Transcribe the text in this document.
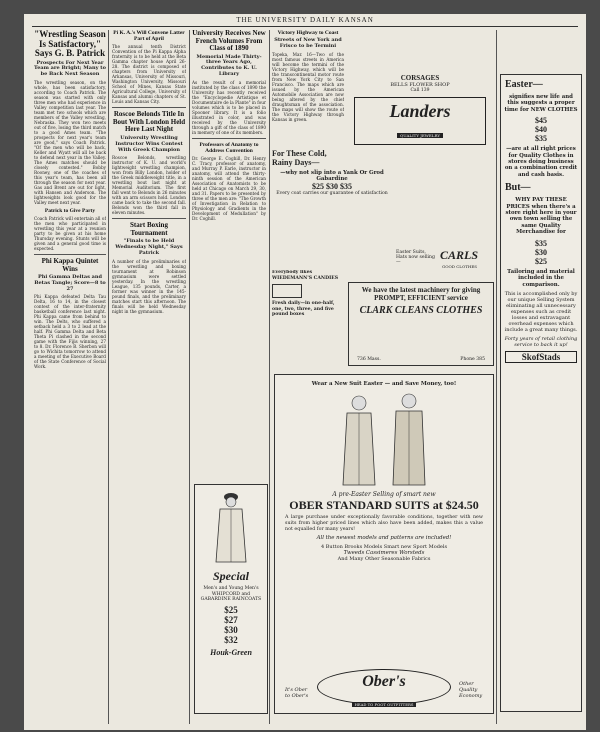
THE UNIVERSITY DAILY KANSAN
"Wrestling Season Is Satisfactory," Says G. B. Patrick
Prospects For Next Year Team are Bright; Many to be Back Next Season
The wrestling season, on the whole, has been satisfactory, according to Coach Patrick. The season was started with only three men who had experience in Valley competition last year. The team met two schools which are members of the Valley wrestling, Nebraska. They won two meets out of five, losing the third match to a good Ames team. "The prospects for next year's team are good," says Coach Patrick. "Of the men who will be back, Keller and Wyatt will all be back to defend next year in the Valley. The Ames matches should be closely contested." Bobby Rooney, one of the coaches of this year's team, has been all through the season for next year. Gas and Brent are out for light, with Hansen and Anderson. The lightweights look good for the Valley meet next year.
Patrick to Give Party
Coach Patrick will entertain all of the men who participated in wrestling this year at a reunion party to be given at his home Thursday evening. Stunts will be given and a general good time is expected.
Phi Kappa Quintet Wins
Phi Gamma Deltas and Betas Tangle; Score—8 to 27
Phi Kappa defeated Delta Tau Delta, 16 to 14, in the closest contest of the inter-fraternity basketball conference last night. Phi Kappa came from behind to win. The Delts, who suffered a setback held a 3 to 2 lead at the half. Phi Gamma Delta and Beta Theta Pi clashed in the second game with the Fijis winning, 27 to 8. Dr. Florence B. Sherbon will go to Wichita tomorrow to attend a meeting of the Executive Board of the State Conference of Social Work.
Pi K. A.'s Will Convene Latter Part of April
The annual tenth District Convention of the Pi Kappa Alpha fraternity is to be held at the Beta Gamma chapter house April 26-28. The district is composed of chapters from University of Arkansas, University of Missouri, Washington University, Missouri School of Mines, Kansas State Agricultural College, University of Kansas and alumni chapters of St. Louis and Kansas City.
Roscoe Belonds Title In Bout With London Held Here Last Night
University Wrestling Instructor Wins Contest With Greek Champion
Roscoe Belonds, wrestling instructor of K. U. and world's lightweight wrestling champion, won from Billy London, holder of the Greek middleweight title, in a wrestling bout last night at Memorial Auditorium. The first fall went to Belonds in 26 minutes with an arm scissors hold. London came back to take the second fall. Belonds won the third fall in eleven minutes.
Start Boxing Tournament
"Finals to be Held Wednesday Night," Says Patrick
A number of the preliminaries of the wrestling and boxing tournament at Robinson gymnasium were settled yesterday. In the wrestling League, 135 pounds, Carter, a former was winner in the 145-pound finals, and the preliminary matches start this afternoon. The finals will be held Wednesday night in the gymnasium.
University Receives New French Volumes From Class of 1890
Memorial Made Thirty-three Years Ago, Contributes to K. U. Library
As the result of a memorial instituted by the class of 1890 the University has recently received the "Encyclopedie Artistique et Documentaire de la Plante" in four volumes which is to be placed in Spooner library. It is a folio illustrated in color, and was received by the University through a gift of the class of 1890 in memory of one of its members.
Professors of Anatomy to Address Convention
Dr. George E. Coghill, Dr. Henry C. Tracy, professor of anatomy, and Murray P. Earle, instructor in anatomy, will attend the thirty-ninth session of the American Association of Anatomists to be held at Chicago on March 29, 30, and 31. Papers to be presented by three of the men are: "The Growth of Investigation in Relation to Physiology and Gradients in the Development of Medullation" by Dr. Coghill.
Special
Men's and Young Men's WHIPCORD and GABARDINE RAINCOATS
$25
$27
$30
$32
Houk-Green
Victory Highway to Coast
Streets of New York and Frisco to be Termini
Topeka, Mar. 16—Two of the most famous streets in America will become the termini of the Victory Highway, which will be the transcontinental motor route from New York City to San Francisco. The maps which are issued by the American Automobile Association are now being altered by the chief draughtsman of the association. The maps will show the route of the Victory Highway through Kansas in green.
CORSAGES
BELLS FLOWER SHOP
Call 139
Landers
QUALITY JEWELRY
For These Cold, Rainy Days—
—why not slip into a Yank Or Grod Gabardine
$25 $30 $35
Every coat carries our guarantee of satisfaction
Easter Suits, Hats now selling—
CARLS
GOOD CLOTHES
Everybody likes WIEDEMANN'S CANDIES
Fresh daily—in one-half, one, two, three, and five pound boxes
We have the latest machinery for giving PROMPT, EFFICIENT service
CLARK CLEANS CLOTHES
736 Mass.	Phone 385
Wear a New Suit Easter — and Save Money, too!
A pre-Easter Selling of smart new
OBER STANDARD SUITS at $24.50
A large purchase under exceptionally favorable conditions, together with new suits from higher priced lines which also have been added, makes this a value not equalled for many years!
All the newest models and patterns are included!
4 Button Brooks Models Smart new Sport Models
Tweeds Cassimeres Worsteds
And Many Other Seasonable Fabrics
It's Ober to Ober's
Ober's
HEAD TO FOOT OUTFITTERS
Other Quality Economy
Easter—
signifies new life and this suggests a proper time for NEW CLOTHES
$45
$40
$35
—are at all right prices for Quality Clothes in stores doing business on a combination credit and cash basis.
But—
WHY PAY THESE PRICES when there's a store right here in your own town selling the same Quality Merchandise for
$35
$30
$25
Tailoring and material included in the comparison.
This is accomplished only by our unique Selling System eliminating all unnecessary expenses such as credit losses and extravagant overhead expenses which include a great many things.
Forty years of retail clothing service to back it up!
SkofStads
